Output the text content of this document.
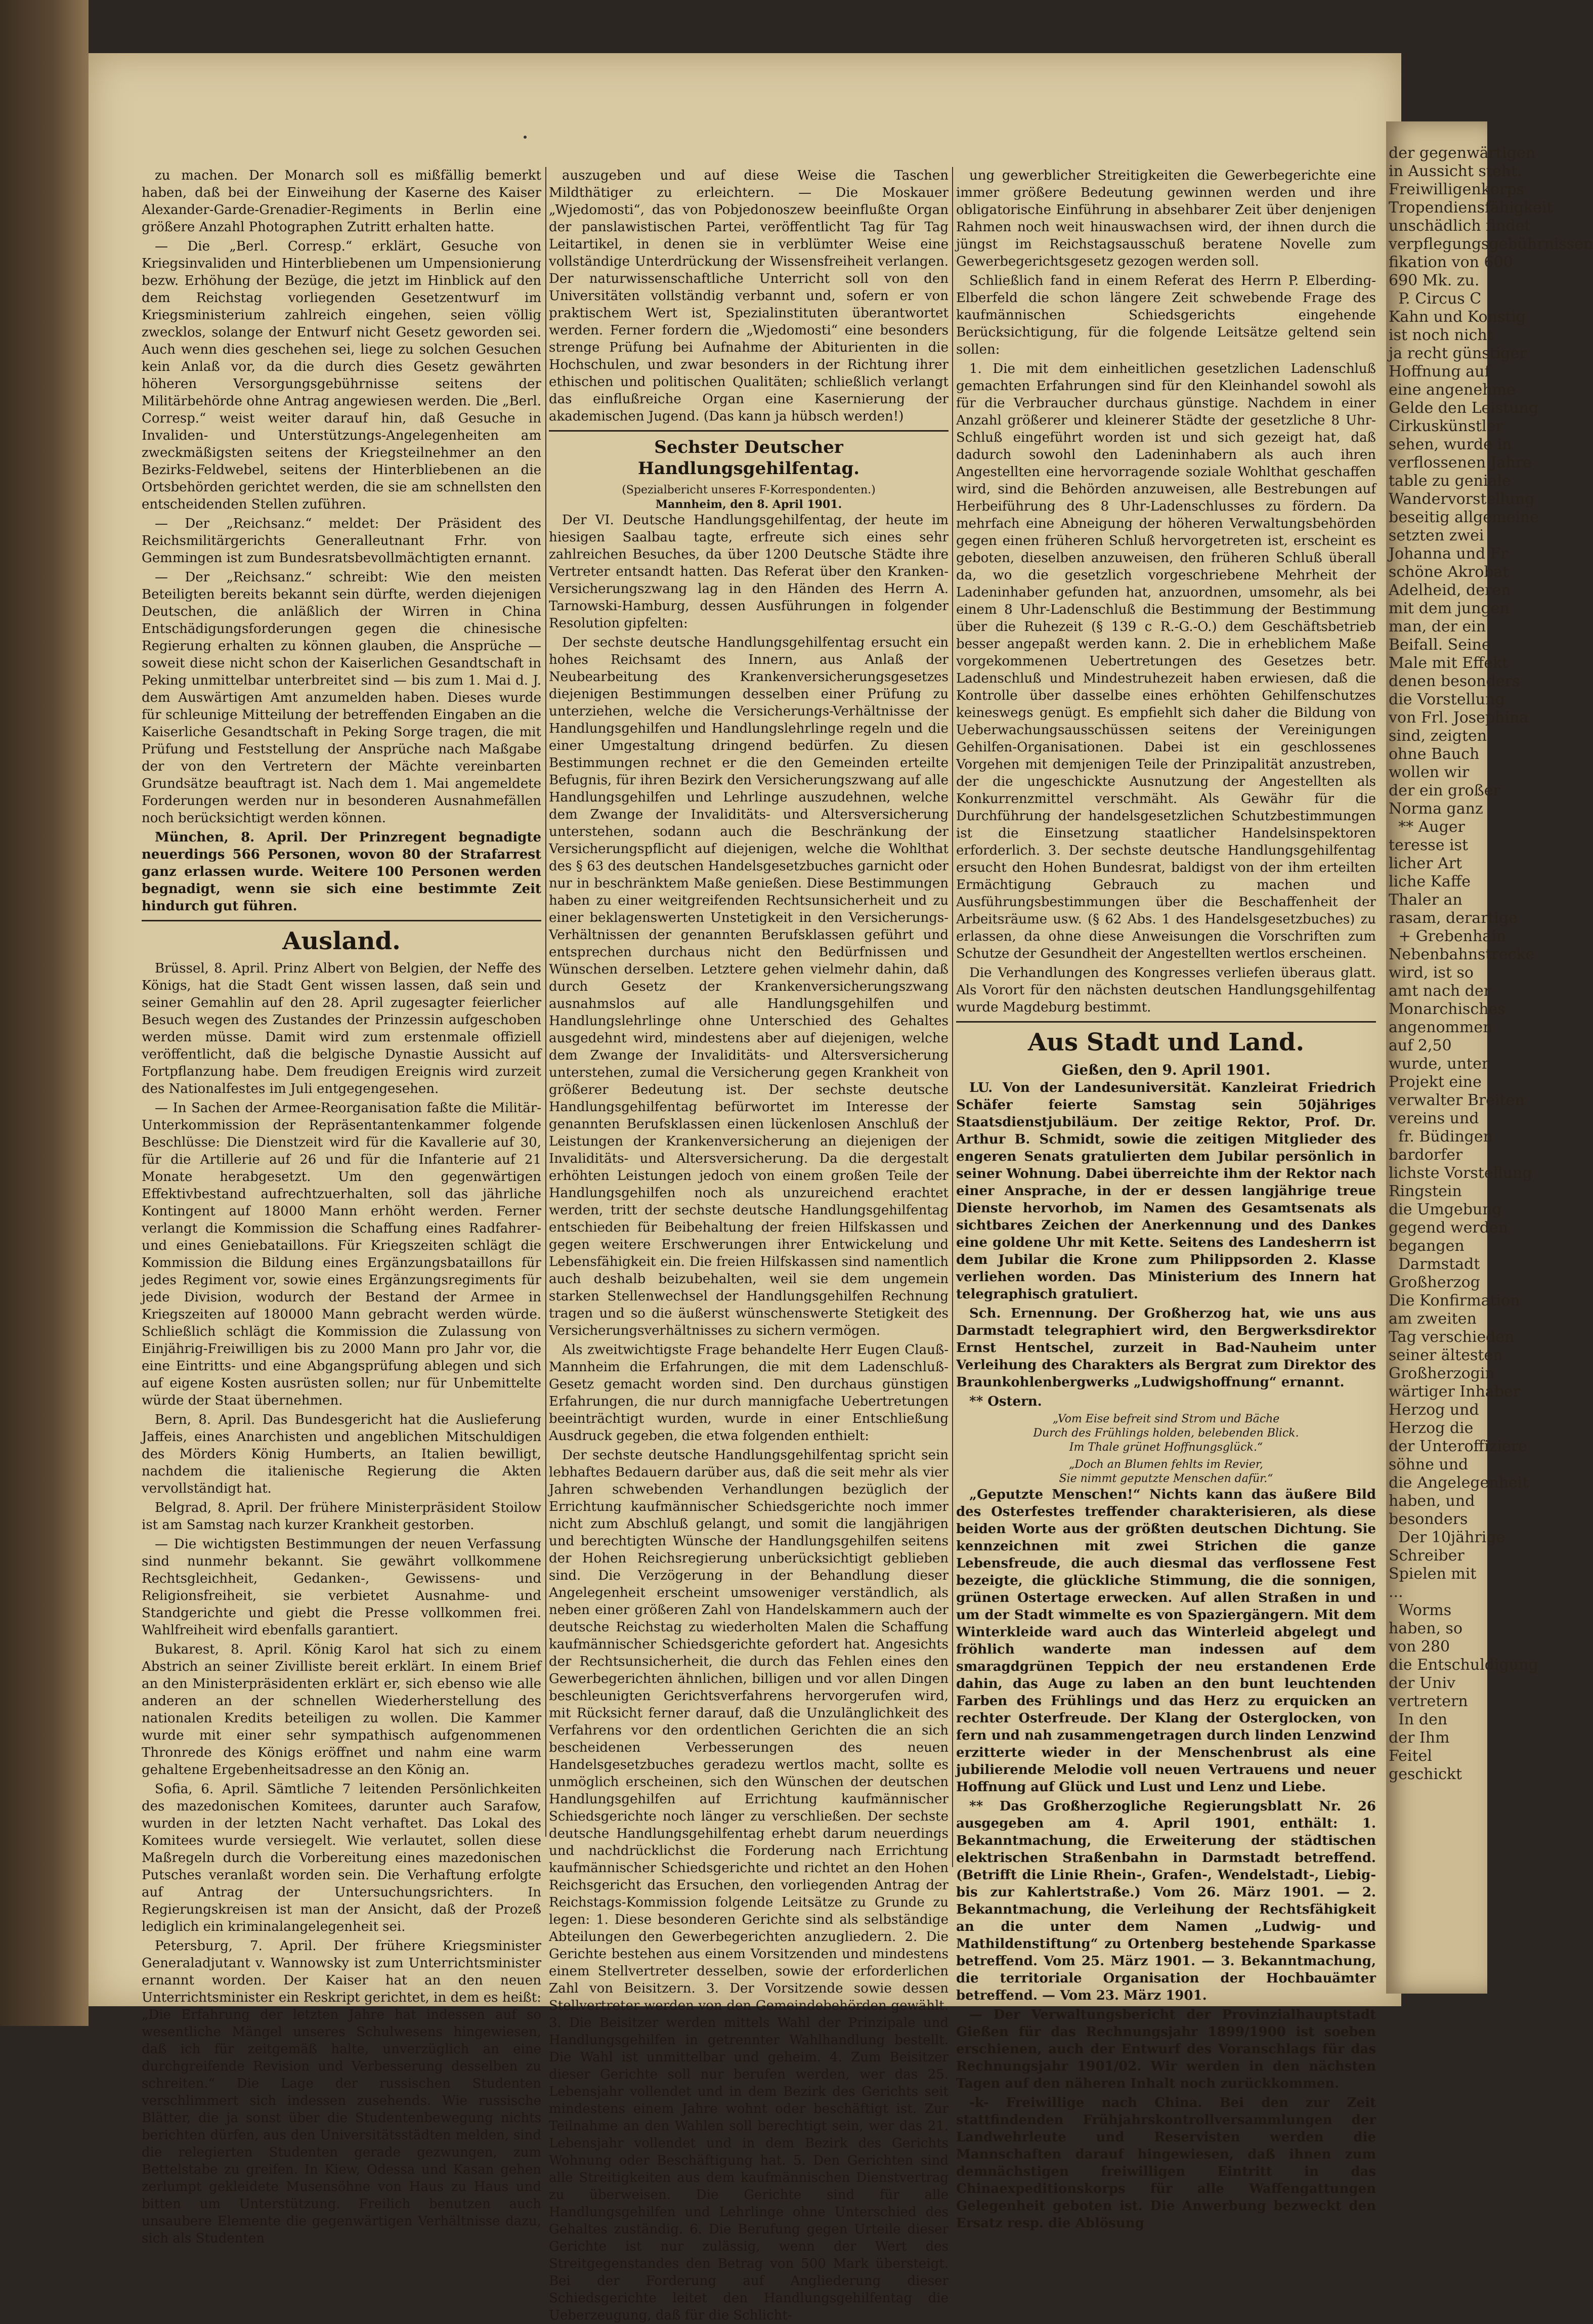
der gegenwärtigen
in Aussicht steht.
Freiwilligenkorps
Tropendiensfähigkeit
unschädlich findet
verpflegungsgebührnissen
fikation von 600
690 Mk. zu.
P. Circus C
Kahn und Konstig
ist noch nicht
ja recht günstiger
Hoffnung auf
eine angenehme
Gelde den Leistung
Cirkuskünstler
sehen, wurde in
verflossenen Jahre
table zu geniale
Wandervorstellung
beseitig allgemeine
setzten zwei
Johanna und Fr
schöne Akrobat
Adelheid, deren
mit dem jungen
man, der ein
Beifall. Seine
Male mit
denen besonders
die Vorstellung
von Frl. Josephina
sind, zeigten
ohne Bauch
wollen wir
der ein großer
Norma ganz
** Auger
teresse ist
licher Art
liche Kaffe
Thaler an
rasam, derartige
+ Grebenhain
Nebenbahnstrecke
wird, ist so
amt nach der
Monarchisches
angenommen
auf 2,50
wurde, unter
Projekt eine
verwalter Breiten
vereins und
fr. Büdingen
bardorfer
lichste Vorstellung
Ringstein
die Umgebung
gegend werden
begangen
Darmstadt
Großherzog
Die Konfirmation
am zweiten
Tag verschieden
seiner ältesten
Großherzogin
wärtiger Inhaber
Herzog und
Herzog die
der Unteroffiziere
söhne und
die Angelegenheit
haben, und
besonders
Der 10jährige
Schreiber
Spielen mit
...
Worms
haben, so
von 280
die Entschuldigung
der Univ
vertretern
In den
der Ihm
Feitel
geschickt

zu machen. Der Monarch soll es mißfällig bemerkt haben, daß bei der Einweihung der Kaserne des Kaiser Alexander-Garde-Grenadier-Regiments in Berlin eine größere Anzahl Photographen Zutritt erhalten hatte.

— Die „Berl. Corresp.“ erklärt, Gesuche von Kriegsinvaliden und Hinterbliebenen um Umpensionierung bezw. Erhöhung der Bezüge, die jetzt im Hinblick auf den dem Reichstag vorliegenden Gesetzentwurf im Kriegsministerium zahlreich eingehen, seien völlig zwecklos, solange der Entwurf nicht Gesetz geworden sei. Auch wenn dies geschehen sei, liege zu solchen Gesuchen kein Anlaß vor, da die durch dies Gesetz gewährten höheren Versorgungsgebührnisse seitens der Militärbehörde ohne Antrag angewiesen werden. Die „Berl. Corresp.“ weist weiter darauf hin, daß Gesuche in Invaliden- und Unterstützungs-Angelegenheiten am zweckmäßigsten seitens der Kriegsteilnehmer an den Bezirks-Feldwebel, seitens der Hinterbliebenen an die Ortsbehörden gerichtet werden, die sie am schnellsten den entscheidenden Stellen zuführen.

— Der „Reichsanz.“ meldet: Der Präsident des Reichsmilitärgerichts Generalleutnant Frhr. von Gemmingen ist zum Bundesratsbevollmächtigten ernannt.

— Der „Reichsanz.“ schreibt: Wie den meisten Beteiligten bereits bekannt sein dürfte, werden diejenigen Deutschen, die anläßlich der Wirren in China Entschädigungsforderungen gegen die chinesische Regierung erhalten zu können glauben, die Ansprüche — soweit diese nicht schon der Kaiserlichen Gesandtschaft in Peking unmittelbar unterbreitet sind — bis zum 1. Mai d. J. dem Auswärtigen Amt anzumelden haben. Dieses wurde für schleunige Mitteilung der betreffenden Eingaben an die Kaiserliche Gesandtschaft in Peking Sorge tragen, die mit Prüfung und Feststellung der Ansprüche nach Maßgabe der von den Vertretern der Mächte vereinbarten Grundsätze beauftragt ist. Nach dem 1. Mai angemeldete Forderungen werden nur in besonderen Ausnahmefällen noch berücksichtigt werden können.

München, 8. April. Der Prinzregent begnadigte neuerdings 566 Personen, wovon 80 der Strafarrest ganz erlassen wurde. Weitere 100 Personen werden begnadigt, wenn sie sich eine bestimmte Zeit hindurch gut führen.

Ausland.

Brüssel, 8. April. Prinz Albert von Belgien, der Neffe des Königs, hat die Stadt Gent wissen lassen, daß sein und seiner Gemahlin auf den 28. April zugesagter feierlicher Besuch wegen des Zustandes der Prinzessin aufgeschoben werden müsse. Damit wird zum erstenmale offiziell veröffentlicht, daß die belgische Dynastie Aussicht auf Fortpflanzung habe. Dem freudigen Ereignis wird zurzeit des Nationalfestes im Juli entgegengesehen.

— In Sachen der Armee-Reorganisation faßte die Militär-Unterkommission der Repräsentantenkammer folgende Beschlüsse: Die Dienstzeit wird für die Kavallerie auf 30, für die Artillerie auf 26 und für die Infanterie auf 21 Monate herabgesetzt. Um den gegenwärtigen Effektivbestand aufrechtzuerhalten, soll das jährliche Kontingent auf 18000 Mann erhöht werden. Ferner verlangt die Kommission die Schaffung eines Radfahrer- und eines Geniebataillons. Für Kriegszeiten schlägt die Kommission die Bildung eines Ergänzungsbataillons für jedes Regiment vor, sowie eines Ergänzungsregiments für jede Division, wodurch der Bestand der Armee in Kriegszeiten auf 180000 Mann gebracht werden würde. Schließlich schlägt die Kommission die Zulassung von Einjährig-Freiwilligen bis zu 2000 Mann pro Jahr vor, die eine Eintritts- und eine Abgangsprüfung ablegen und sich auf eigene Kosten ausrüsten sollen; nur für Unbemittelte würde der Staat übernehmen.

Bern, 8. April. Das Bundesgericht hat die Auslieferung Jaffeis, eines Anarchisten und angeblichen Mitschuldigen des Mörders König Humberts, an Italien bewilligt, nachdem die italienische Regierung die Akten vervollständigt hat.

Belgrad, 8. April. Der frühere Ministerpräsident Stoilow ist am Samstag nach kurzer Krankheit gestorben.

— Die wichtigsten Bestimmungen der neuen Verfassung sind nunmehr bekannt. Sie gewährt vollkommene Rechtsgleichheit, Gedanken-, Gewissens- und Religionsfreiheit, sie verbietet Ausnahme- und Standgerichte und giebt die Presse vollkommen frei. Wahlfreiheit wird ebenfalls garantiert.

Bukarest, 8. April. König Karol hat sich zu einem Abstrich an seiner Zivilliste bereit erklärt. In einem Brief an den Ministerpräsidenten erklärt er, sich ebenso wie alle anderen an der schnellen Wiederherstellung des nationalen Kredits beteiligen zu wollen. Die Kammer wurde mit einer sehr sympathisch aufgenommenen Thronrede des Königs eröffnet und nahm eine warm gehaltene Ergebenheitsadresse an den König an.

Sofia, 6. April. Sämtliche 7 leitenden Persönlichkeiten des mazedonischen Komitees, darunter auch Sarafow, wurden in der letzten Nacht verhaftet. Das Lokal des Komitees wurde versiegelt. Wie verlautet, sollen diese Maßregeln durch die Vorbereitung eines mazedonischen Putsches veranlaßt worden sein. Die Verhaftung erfolgte auf Antrag der Untersuchungsrichters. In Regierungskreisen ist man der Ansicht, daß der Prozeß lediglich ein kriminalangelegenheit sei.

Petersburg, 7. April. Der frühere Kriegsminister Generaladjutant v. Wannowsky ist zum Unterrichtsminister ernannt worden. Der Kaiser hat an den neuen Unterrichtsminister ein Reskript gerichtet, in dem es heißt: „Die Erfahrung der letzten Jahre hat indessen auf so wesentliche Mängel unseres Schulwesens hingewiesen, daß ich für zeitgemäß halte, unverzüglich an eine durchgreifende Revision und Verbesserung desselben zu schreiten.“ Die Lage der russischen Studenten verschlimmert sich indessen zusehends. Wie russische Blätter, die ja sonst über die Studentenbewegung nichts berichten dürfen, aus den Universitätsstädten melden, sind die relegierten Studenten gerade gezwungen, zum Bettelstabe zu greifen. In Kiew, Odessa und Kasan gehen zerlumpt gekleidete Musensöhne von Haus zu Haus und bitten um Unterstützung. Freilich benutzen auch unsaubere Elemente die gegenwärtigen Verhältnisse dazu, sich als Studenten

auszugeben und auf diese Weise die Taschen Mildthätiger zu erleichtern. — Die Moskauer „Wjedomosti“, das von Pobjedonoszew beeinflußte Organ der panslawistischen Partei, veröffentlicht Tag für Tag Leitartikel, in denen sie in verblümter Weise eine vollständige Unterdrückung der Wissensfreiheit verlangen. Der naturwissenschaftliche Unterricht soll von den Universitäten vollständig verbannt und, sofern er von praktischem Wert ist, Spezialinstituten überantwortet werden. Ferner fordern die „Wjedomosti“ eine besonders strenge Prüfung bei Aufnahme der Abiturienten in die Hochschulen, und zwar besonders in der Richtung ihrer ethischen und politischen Qualitäten; schließlich verlangt das einflußreiche Organ eine Kasernierung der akademischen Jugend. (Das kann ja hübsch werden!)

Sechster Deutscher Handlungsgehilfentag.
(Spezialbericht unseres F-Korrespondenten.)
Mannheim, den 8. April 1901.

Der VI. Deutsche Handlungsgehilfentag, der heute im hiesigen Saalbau tagte, erfreute sich eines sehr zahlreichen Besuches, da über 1200 Deutsche Städte ihre Vertreter entsandt hatten. Das Referat über den Kranken-Versicherungszwang lag in den Händen des Herrn A. Tarnowski-Hamburg, dessen Ausführungen in folgender Resolution gipfelten:

Der sechste deutsche Handlungsgehilfentag ersucht ein hohes Reichsamt des Innern, aus Anlaß der Neubearbeitung des Krankenversicherungsgesetzes diejenigen Bestimmungen desselben einer Prüfung zu unterziehen, welche die Versicherungs-Verhältnisse der Handlungsgehilfen und Handlungslehrlinge regeln und die einer Umgestaltung dringend bedürfen. Zu diesen Bestimmungen rechnet er die den Gemeinden erteilte Befugnis, für ihren Bezirk den Versicherungszwang auf alle Handlungsgehilfen und Lehrlinge auszudehnen, welche dem Zwange der Invaliditäts- und Altersversicherung unterstehen, sodann auch die Beschränkung der Versicherungspflicht auf diejenigen, welche die Wohlthat des § 63 des deutschen Handelsgesetzbuches garnicht oder nur in beschränktem Maße genießen. Diese Bestimmungen haben zu einer weitgreifenden Rechtsunsicherheit und zu einer beklagenswerten Unstetigkeit in den Versicherungs-Verhältnissen der genannten Berufsklassen geführt und entsprechen durchaus nicht den Bedürfnissen und Wünschen derselben. Letztere gehen vielmehr dahin, daß durch Gesetz der Krankenversicherungszwang ausnahmslos auf alle Handlungsgehilfen und Handlungslehrlinge ohne Unterschied des Gehaltes ausgedehnt wird, mindestens aber auf diejenigen, welche dem Zwange der Invaliditäts- und Altersversicherung unterstehen, zumal die Versicherung gegen Krankheit von größerer Bedeutung ist. Der sechste deutsche Handlungsgehilfentag befürwortet im Interesse der genannten Berufsklassen einen lückenlosen Anschluß der Leistungen der Krankenversicherung an diejenigen der Invaliditäts- und Altersversicherung. Da die dergestalt erhöhten Leistungen jedoch von einem großen Teile der Handlungsgehilfen noch als unzureichend erachtet werden, tritt der sechste deutsche Handlungsgehilfentag entschieden für Beibehaltung der freien Hilfskassen und gegen weitere Erschwerungen ihrer Entwickelung und Lebensfähigkeit ein. Die freien Hilfskassen sind namentlich auch deshalb beizubehalten, weil sie dem ungemein starken Stellenwechsel der Handlungsgehilfen Rechnung tragen und so die äußerst wünschenswerte Stetigkeit des Versicherungsverhältnisses zu sichern vermögen.

Als zweitwichtigste Frage behandelte Herr Eugen Clauß-Mannheim die Erfahrungen, die mit dem Ladenschluß-Gesetz gemacht worden sind. Den durchaus günstigen Erfahrungen, die nur durch mannigfache Uebertretungen beeinträchtigt wurden, wurde in einer Entschließung Ausdruck gegeben, die etwa folgenden enthielt:

Der sechste deutsche Handlungsgehilfentag spricht sein lebhaftes Bedauern darüber aus, daß die seit mehr als vier Jahren schwebenden Verhandlungen bezüglich der Errichtung kaufmännischer Schiedsgerichte noch immer nicht zum Abschluß gelangt, und somit die langjährigen und berechtigten Wünsche der Handlungsgehilfen seitens der Hohen Reichsregierung unberücksichtigt geblieben sind. Die Verzögerung in der Behandlung dieser Angelegenheit erscheint umsoweniger verständlich, als neben einer größeren Zahl von Handelskammern auch der deutsche Reichstag zu wiederholten Malen die Schaffung kaufmännischer Schiedsgerichte gefordert hat. Angesichts der Rechtsunsicherheit, die durch das Fehlen eines den Gewerbegerichten ähnlichen, billigen und vor allen Dingen beschleunigten Gerichtsverfahrens hervorgerufen wird, mit Rücksicht ferner darauf, daß die Unzulänglichkeit des Verfahrens vor den ordentlichen Gerichten die an sich bescheidenen Verbesserungen des neuen Handelsgesetzbuches geradezu wertlos macht, sollte es unmöglich erscheinen, sich den Wünschen der deutschen Handlungsgehilfen auf Errichtung kaufmännischer Schiedsgerichte noch länger zu verschließen. Der sechste deutsche Handlungsgehilfentag erhebt darum neuerdings und nachdrücklichst die Forderung nach Errichtung kaufmännischer Schiedsgerichte und richtet an den Hohen Reichsgericht das Ersuchen, den vorliegenden Antrag der Reichstags-Kommission folgende Leitsätze zu Grunde zu legen: 1. Diese besonderen Gerichte sind als selbständige Abteilungen den Gewerbegerichten anzugliedern. 2. Die Gerichte bestehen aus einem Vorsitzenden und mindestens einem Stellvertreter desselben, sowie der erforderlichen Zahl von Beisitzern. 3. Der Vorsitzende sowie dessen Stellvertreter werden von den Gemeindebehörden gewählt. 3. Die Beisitzer werden mittels Wahl der Prinzipale und Handlungsgehilfen in getrennter Wahlhandlung bestellt. Die Wahl ist unmittelbar und geheim. 4. Zum Beisitzer dieser Gerichte soll nur berufen werden, wer das 25. Lebensjahr vollendet und in dem Bezirk des Gerichts seit mindestens einem Jahre wohnt oder beschäftigt ist. Zur Teilnahme an den Wahlen soll berechtigt sein, wer das 21. Lebensjahr vollendet und in dem Bezirk des Gerichts Wohnung oder Beschäftigung hat. 5. Den Gerichten sind alle Streitigkeiten aus dem kaufmännischen Dienstvertrag zu überweisen. Die Gerichte sind für alle Handlungsgehilfen und Lehrlinge ohne Unterschied des Gehaltes zuständig. 6. Die Berufung gegen Urteile dieser Gerichte ist nur zulässig, wenn der Wert des Streitgegenstandes den Betrag von 500 Mark übersteigt. Bei der Forderung auf Angliederung dieser Schiedsgerichte leitet den Handlungsgehilfentag die Ueberzeugung, daß für die Schlicht-

ung gewerblicher Streitigkeiten die Gewerbegerichte eine immer größere Bedeutung gewinnen werden und ihre obligatorische Einführung in absehbarer Zeit über denjenigen Rahmen noch weit hinauswachsen wird, der ihnen durch die jüngst im Reichstagsausschuß beratene Novelle zum Gewerbegerichtsgesetz gezogen werden soll.

Schließlich fand in einem Referat des Herrn P. Elberding-Elberfeld die schon längere Zeit schwebende Frage des kaufmännischen Schiedsgerichts eingehende Berücksichtigung, für die folgende Leitsätze geltend sein sollen:

1. Die mit dem einheitlichen gesetzlichen Ladenschluß gemachten Erfahrungen sind für den Kleinhandel sowohl als für die Verbraucher durchaus günstige. Nachdem in einer Anzahl größerer und kleinerer Städte der gesetzliche 8 Uhr-Schluß eingeführt worden ist und sich gezeigt hat, daß dadurch sowohl den Ladeninhabern als auch ihren Angestellten eine hervorragende soziale Wohlthat geschaffen wird, sind die Behörden anzuweisen, alle Bestrebungen auf Herbeiführung des 8 Uhr-Ladenschlusses zu fördern. Da mehrfach eine Abneigung der höheren Verwaltungsbehörden gegen einen früheren Schluß hervorgetreten ist, erscheint es geboten, dieselben anzuweisen, den früheren Schluß überall da, wo die gesetzlich vorgeschriebene Mehrheit der Ladeninhaber gefunden hat, anzuordnen, umsomehr, als bei einem 8 Uhr-Ladenschluß die Bestimmung der Bestimmung über die Ruhezeit (§ 139 c R.-G.-O.) dem Geschäftsbetrieb besser angepaßt werden kann. 2. Die in erheblichem Maße vorgekommenen Uebertretungen des Gesetzes betr. Ladenschluß und Mindestruhezeit haben erwiesen, daß die Kontrolle über dasselbe eines erhöhten Gehilfenschutzes keineswegs genügt. Es empfiehlt sich daher die Bildung von Ueberwachungsausschüssen seitens der Vereinigungen Gehilfen-Organisationen. Dabei ist ein geschlossenes Vorgehen mit demjenigen Teile der Prinzipalität anzustreben, der die ungeschickte Ausnutzung der Angestellten als Konkurrenzmittel verschmäht. Als Gewähr für die Durchführung der handelsgesetzlichen Schutzbestimmungen ist die Einsetzung staatlicher Handelsinspektoren erforderlich. 3. Der sechste deutsche Handlungsgehilfentag ersucht den Hohen Bundesrat, baldigst von der ihm erteilten Ermächtigung Gebrauch zu machen und Ausführungsbestimmungen über die Beschaffenheit der Arbeitsräume usw. (§ 62 Abs. 1 des Handelsgesetzbuches) zu erlassen, da ohne diese Anweisungen die Vorschriften zum Schutze der Gesundheit der Angestellten wertlos erscheinen.

Die Verhandlungen des Kongresses verliefen überaus glatt. Als Vorort für den nächsten deutschen Handlungsgehilfentag wurde Magdeburg bestimmt.

Aus Stadt und Land.
Gießen, den 9. April 1901.

LU. Von der Landesuniversität. Kanzleirat Friedrich Schäfer feierte Samstag sein 50jähriges Staatsdienstjubiläum. Der zeitige Rektor, Prof. Dr. Arthur B. Schmidt, sowie die zeitigen Mitglieder des engeren Senats gratulierten dem Jubilar persönlich in seiner Wohnung. Dabei überreichte ihm der Rektor nach einer Ansprache, in der er dessen langjährige treue Dienste hervorhob, im Namen des Gesamtsenats als sichtbares Zeichen der Anerkennung und des Dankes eine goldene Uhr mit Kette. Seitens des Landesherrn ist dem Jubilar die Krone zum Philippsorden 2. Klasse verliehen worden. Das Ministerium des Innern hat telegraphisch gratuliert.

Sch. Ernennung. Der Großherzog hat, wie uns aus Darmstadt telegraphiert wird, den Bergwerksdirektor Ernst Hentschel, zurzeit in Bad-Nauheim unter Verleihung des Charakters als Bergrat zum Direktor des Braunkohlenbergwerks „Ludwigshoffnung“ ernannt.

** Ostern.

„Vom Eise befreit sind Strom und Bäche
Durch des Frühlings holden, belebenden Blick.
Im Thale grünet Hoffnungsglück.“
„Doch an Blumen fehlts im Revier,
Sie nimmt geputzte Menschen dafür.“

„Geputzte Menschen!“ Nichts kann das äußere Bild des Osterfestes treffender charakterisieren, als diese beiden Worte aus der größten deutschen Dichtung. Sie kennzeichnen mit zwei Strichen die ganze Lebensfreude, die auch diesmal das verflossene Fest bezeigte, die glückliche Stimmung, die die sonnigen, grünen Ostertage erwecken. Auf allen Straßen in und um der Stadt wimmelte es von Spaziergängern. Mit dem Winterkleide ward auch das Winterleid abgelegt und fröhlich wanderte man indessen auf dem smaragdgrünen Teppich der neu erstandenen Erde dahin, das Auge zu laben an den bunt leuchtenden Farben des Frühlings und das Herz zu erquicken an rechter Osterfreude. Der Klang der Osterglocken, von fern und nah zusammengetragen durch linden Lenzwind erzitterte wieder in der Menschenbrust als eine jubilierende Melodie voll neuen Vertrauens und neuer Hoffnung auf Glück und Lust und Lenz und Liebe.

** Das Großherzogliche Regierungsblatt Nr. 26 ausgegeben am 4. April 1901, enthält: 1. Bekanntmachung, die Erweiterung der städtischen elektrischen Straßenbahn in Darmstadt betreffend. (Betrifft die Linie Rhein-, Grafen-, Wendelstadt-, Liebig- bis zur Kahlertstraße.) Vom 26. März 1901. — 2. Bekanntmachung, die Verleihung der Rechtsfähigkeit an die unter dem Namen „Ludwig- und Mathildenstiftung“ zu Ortenberg bestehende Sparkasse betreffend. Vom 25. März 1901. — 3. Bekanntmachung, die territoriale Organisation der Hochbauämter betreffend. — Vom 23. März 1901.

— Der Verwaltungsbericht der Provinzialhauptstadt Gießen für das Rechnungsjahr 1899/1900 ist soeben erschienen, auch der Entwurf des Voranschlags für das Rechnungsjahr 1901/02. Wir werden in den nächsten Tagen auf den näheren Inhalt noch zurückkommen.

-k- Freiwillige nach China. Bei den zur Zeit stattfindenden Frühjahrskontrollversammlungen der Landwehrleute und Reservisten werden die Mannschaften darauf hingewiesen, daß ihnen zum demnächstigen freiwilligen Eintritt in das Chinaexpeditionskorps für alle Waffengattungen Gelegenheit geboten ist. Die Anwerbung bezweckt den Ersatz resp. die Ablösung
